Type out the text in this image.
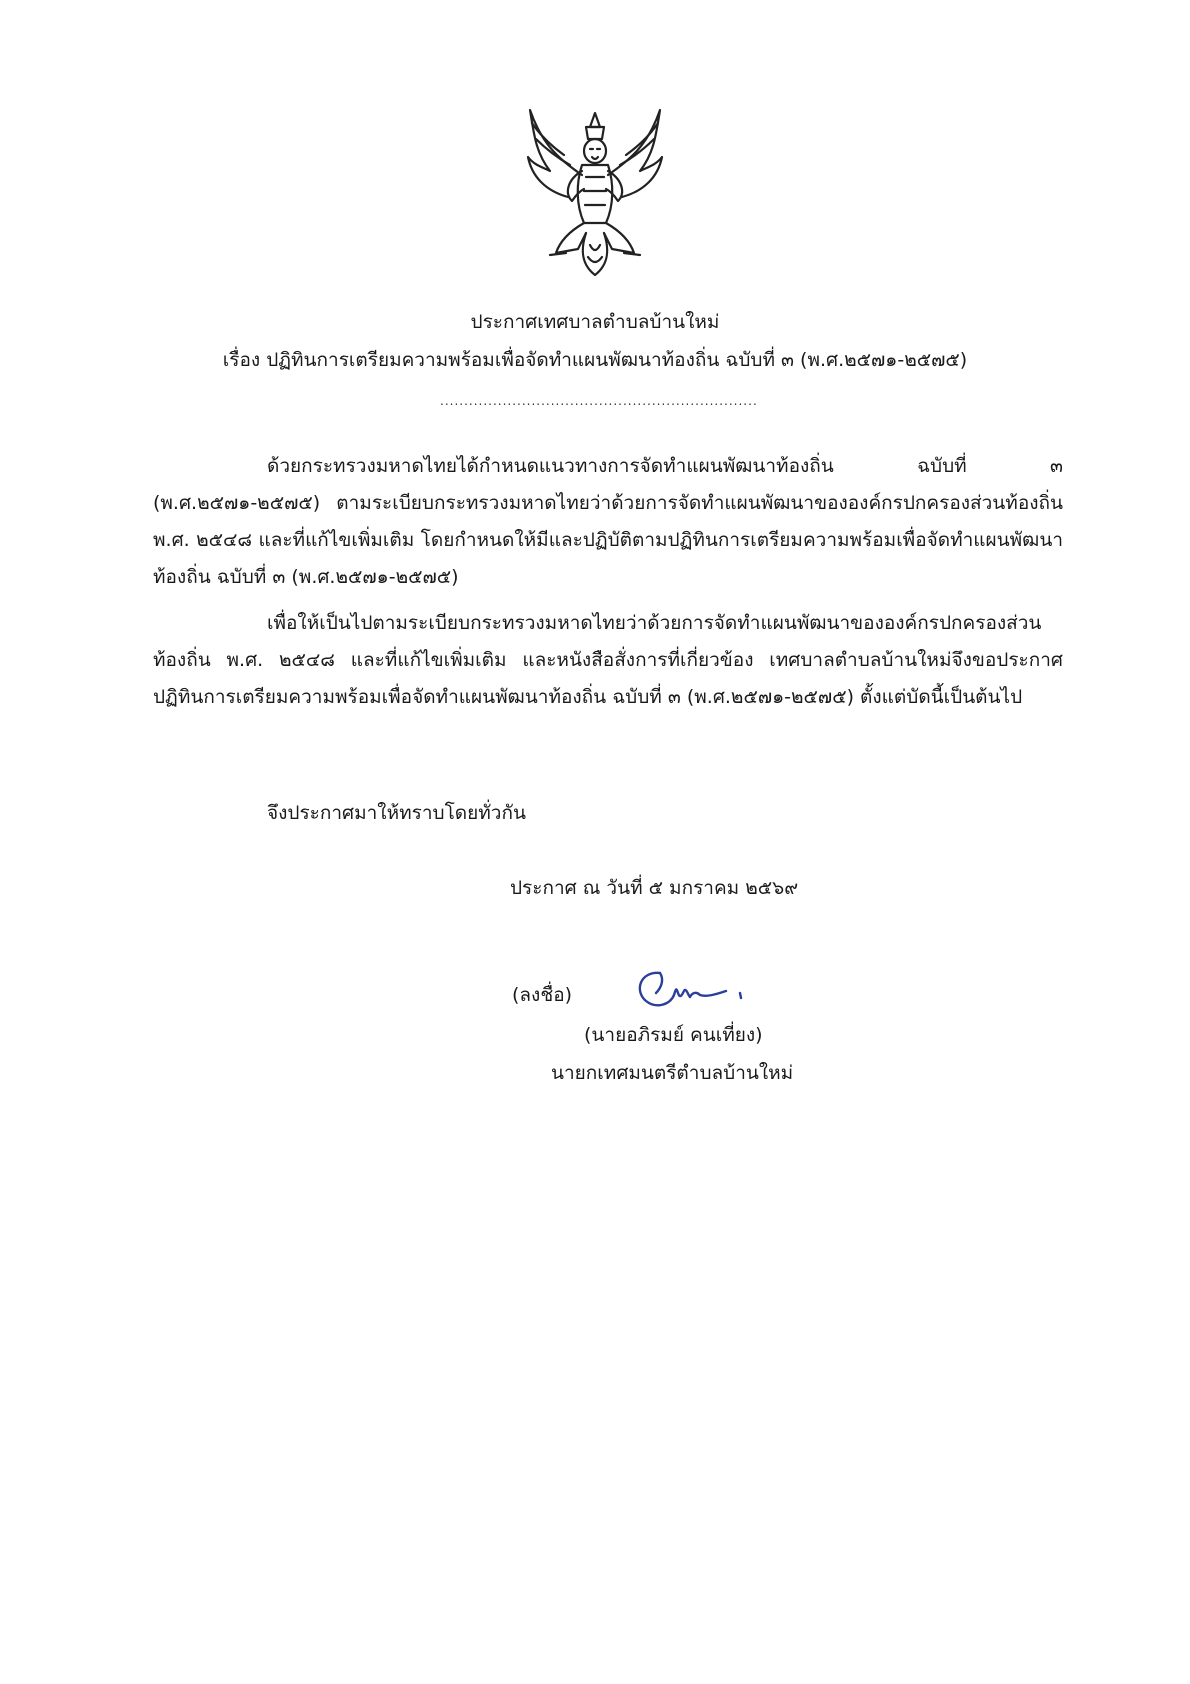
ประกาศเทศบาลตำบลบ้านใหม่
เรื่อง ปฏิทินการเตรียมความพร้อมเพื่อจัดทำแผนพัฒนาท้องถิ่น ฉบับที่ ๓ (พ.ศ.๒๕๗๑-๒๕๗๕)
..................................................................
ด้วยกระทรวงมหาดไทยได้กำหนดแนวทางการจัดทำแผนพัฒนาท้องถิ่น ฉบับที่ ๓ (พ.ศ.๒๕๗๑-๒๕๗๕) ตามระเบียบกระทรวงมหาดไทยว่าด้วยการจัดทำแผนพัฒนาขององค์กรปกครองส่วนท้องถิ่น พ.ศ. ๒๕๔๘ และที่แก้ไขเพิ่มเติม โดยกำหนดให้มีและปฏิบัติตามปฏิทินการเตรียมความพร้อมเพื่อจัดทำแผนพัฒนาท้องถิ่น ฉบับที่ ๓ (พ.ศ.๒๕๗๑-๒๕๗๕)
เพื่อให้เป็นไปตามระเบียบกระทรวงมหาดไทยว่าด้วยการจัดทำแผนพัฒนาขององค์กรปกครองส่วนท้องถิ่น พ.ศ. ๒๕๔๘ และที่แก้ไขเพิ่มเติม และหนังสือสั่งการที่เกี่ยวข้อง เทศบาลตำบลบ้านใหม่จึงขอประกาศปฏิทินการเตรียมความพร้อมเพื่อจัดทำแผนพัฒนาท้องถิ่น ฉบับที่ ๓ (พ.ศ.๒๕๗๑-๒๕๗๕) ตั้งแต่บัดนี้เป็นต้นไป
จึงประกาศมาให้ทราบโดยทั่วกัน
ประกาศ ณ วันที่ ๕ มกราคม ๒๕๖๙
(ลงชื่อ)
(นายอภิรมย์ คนเที่ยง)
นายกเทศมนตรีตำบลบ้านใหม่
